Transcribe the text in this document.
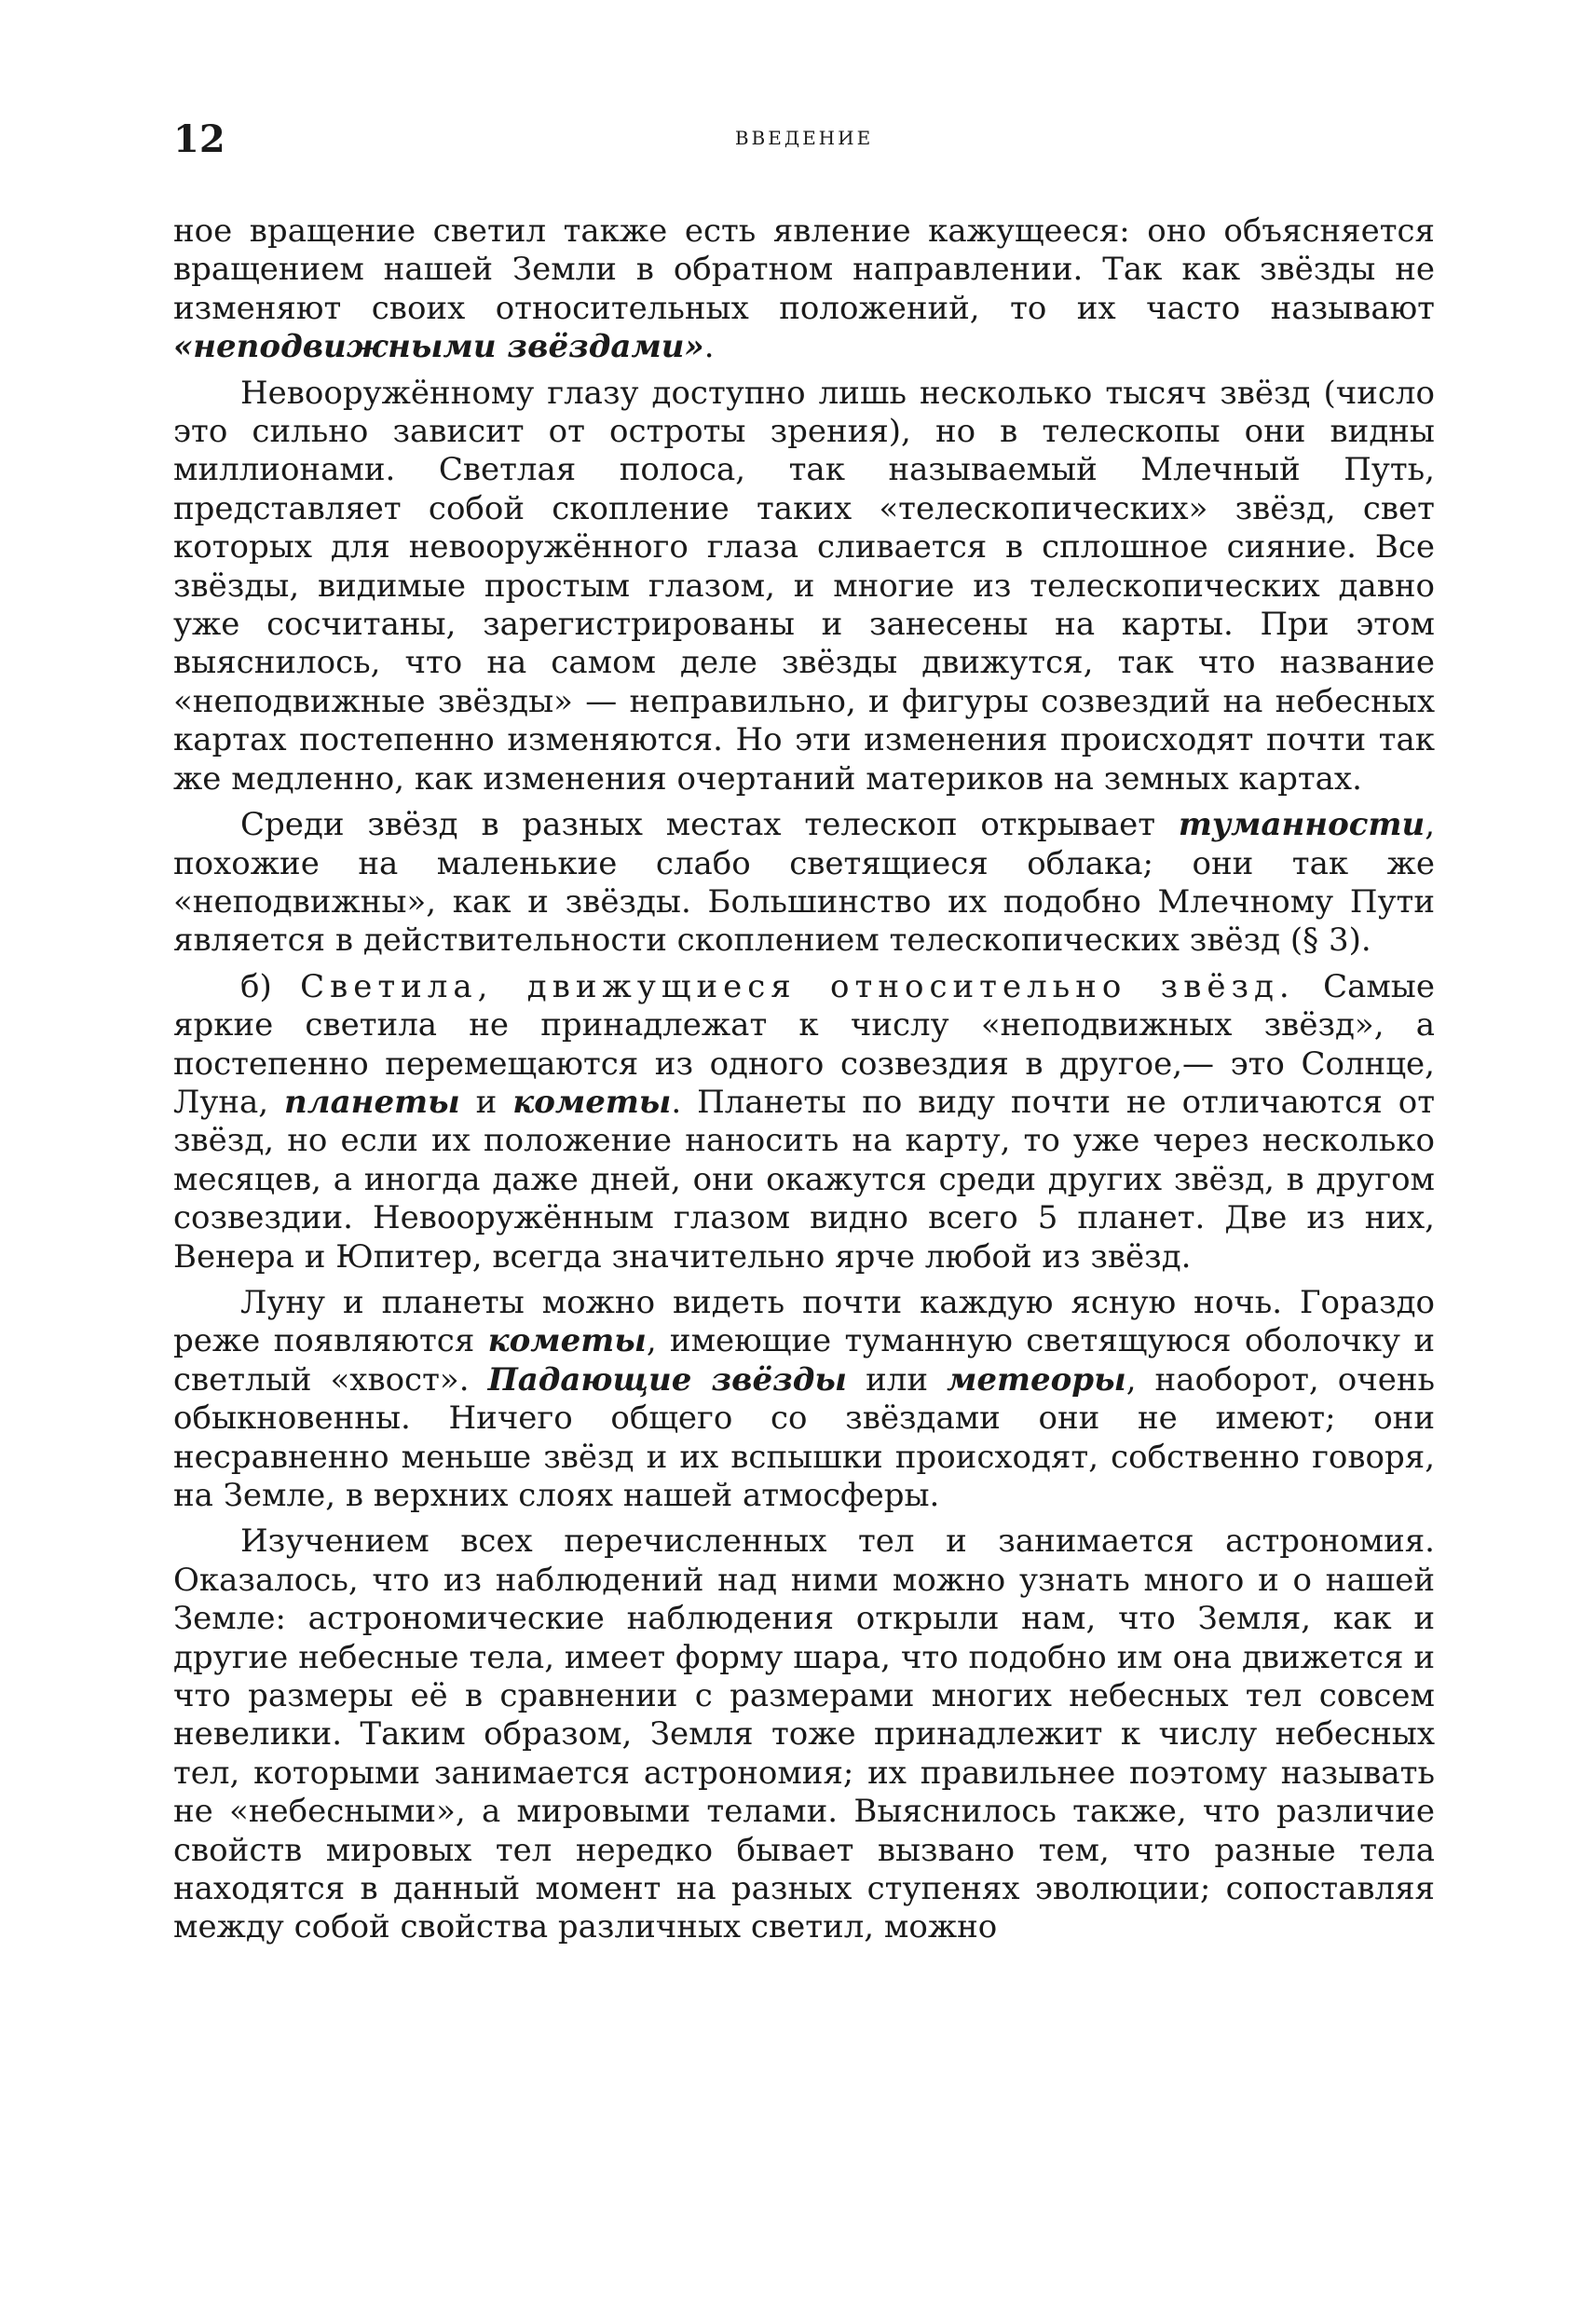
12	ВВЕДЕНИЕ

ное вращение светил также есть явление кажущееся: оно объясняется вращением нашей Земли в обратном направлении. Так как звёзды не изменяют своих относительных положений, то их часто называют «неподвижными звёздами».

Невооружённому глазу доступно лишь несколько тысяч звёзд (число это сильно зависит от остроты зрения), но в телескопы они видны миллионами. Светлая полоса, так называемый Млечный Путь, представляет собой скопление таких «телескопических» звёзд, свет которых для невооружённого глаза сливается в сплошное сияние. Все звёзды, видимые простым глазом, и многие из телескопических давно уже сосчитаны, зарегистрированы и занесены на карты. При этом выяснилось, что на самом деле звёзды движутся, так что название «неподвижные звёзды» — неправильно, и фигуры созвездий на небесных картах постепенно изменяются. Но эти изменения происходят почти так же медленно, как изменения очертаний материков на земных картах.

Среди звёзд в разных местах телескоп открывает туманности, похожие на маленькие слабо светящиеся облака; они так же «неподвижны», как и звёзды. Большинство их подобно Млечному Пути является в действительности скоплением телескопических звёзд (§ 3).

б) Светила, движущиеся относительно звёзд. Самые яркие светила не принадлежат к числу «неподвижных звёзд», а постепенно перемещаются из одного созвездия в другое,— это Солнце, Луна, планеты и кометы. Планеты по виду почти не отличаются от звёзд, но если их положение наносить на карту, то уже через несколько месяцев, а иногда даже дней, они окажутся среди других звёзд, в другом созвездии. Невооружённым глазом видно всего 5 планет. Две из них, Венера и Юпитер, всегда значительно ярче любой из звёзд.

Луну и планеты можно видеть почти каждую ясную ночь. Гораздо реже появляются кометы, имеющие туманную светящуюся оболочку и светлый «хвост». Падающие звёзды или метеоры, наоборот, очень обыкновенны. Ничего общего со звёздами они не имеют; они несравненно меньше звёзд и их вспышки происходят, собственно говоря, на Земле, в верхних слоях нашей атмосферы.

Изучением всех перечисленных тел и занимается астрономия. Оказалось, что из наблюдений над ними можно узнать много и о нашей Земле: астрономические наблюдения открыли нам, что Земля, как и другие небесные тела, имеет форму шара, что подобно им она движется и что размеры её в сравнении с размерами многих небесных тел совсем невелики. Таким образом, Земля тоже принадлежит к числу небесных тел, которыми занимается астрономия; их правильнее поэтому называть не «небесными», а мировыми телами. Выяснилось также, что различие свойств мировых тел нередко бывает вызвано тем, что разные тела находятся в данный момент на разных ступенях эволюции; сопоставляя между собой свойства различных светил, можно
